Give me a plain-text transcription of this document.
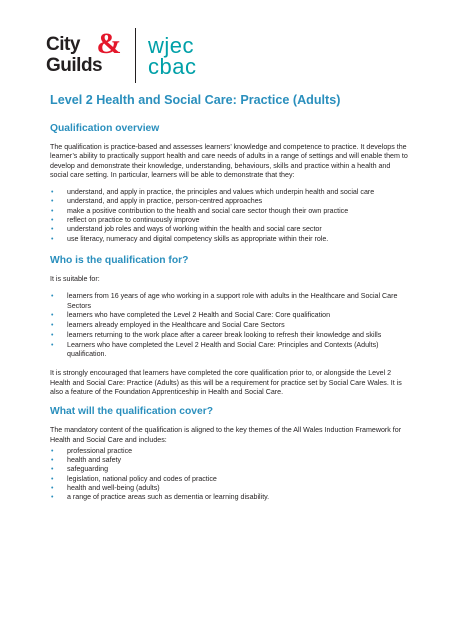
City
Guilds
& wjec
cbac
Level 2 Health and Social Care: Practice (Adults)
Qualification overview

The qualification is practice-based and assesses learners’ knowledge and competence to practice. It develops the learner’s ability to practically support health and care needs of adults in a range of settings and will enable them to develop and demonstrate their knowledge, understanding, behaviours, skills and practice within a health and social care setting. In particular, learners will be able to demonstrate that they:

• understand, and apply in practice, the principles and values which underpin health and social care
• understand, and apply in practice, person-centred approaches
• make a positive contribution to the health and social care sector though their own practice
• reflect on practice to continuously improve
• understand job roles and ways of working within the health and social care sector
• use literacy, numeracy and digital competency skills as appropriate within their role.
Who is the qualification for?

It is suitable for:

• learners from 16 years of age who working in a support role with adults in the Healthcare and Social Care Sectors
• learners who have completed the Level 2 Health and Social Care: Core qualification
• learners already employed in the Healthcare and Social Care Sectors
• learners returning to the work place after a career break looking to refresh their knowledge and skills
• Learners who have completed the Level 2 Health and Social Care: Principles and Contexts (Adults) qualification.

It is strongly encouraged that learners have completed the core qualification prior to, or alongside the Level 2 Health and Social Care: Practice (Adults) as this will be a requirement for practice set by Social Care Wales. It is also a feature of the Foundation Apprenticeship in Health and Social Care.

What will the qualification cover?

The mandatory content of the qualification is aligned to the key themes of the All Wales Induction Framework for Health and Social Care and includes:

• professional practice
• health and safety
• safeguarding
• legislation, national policy and codes of practice
• health and well-being (adults)
• a range of practice areas such as dementia or learning disability.
